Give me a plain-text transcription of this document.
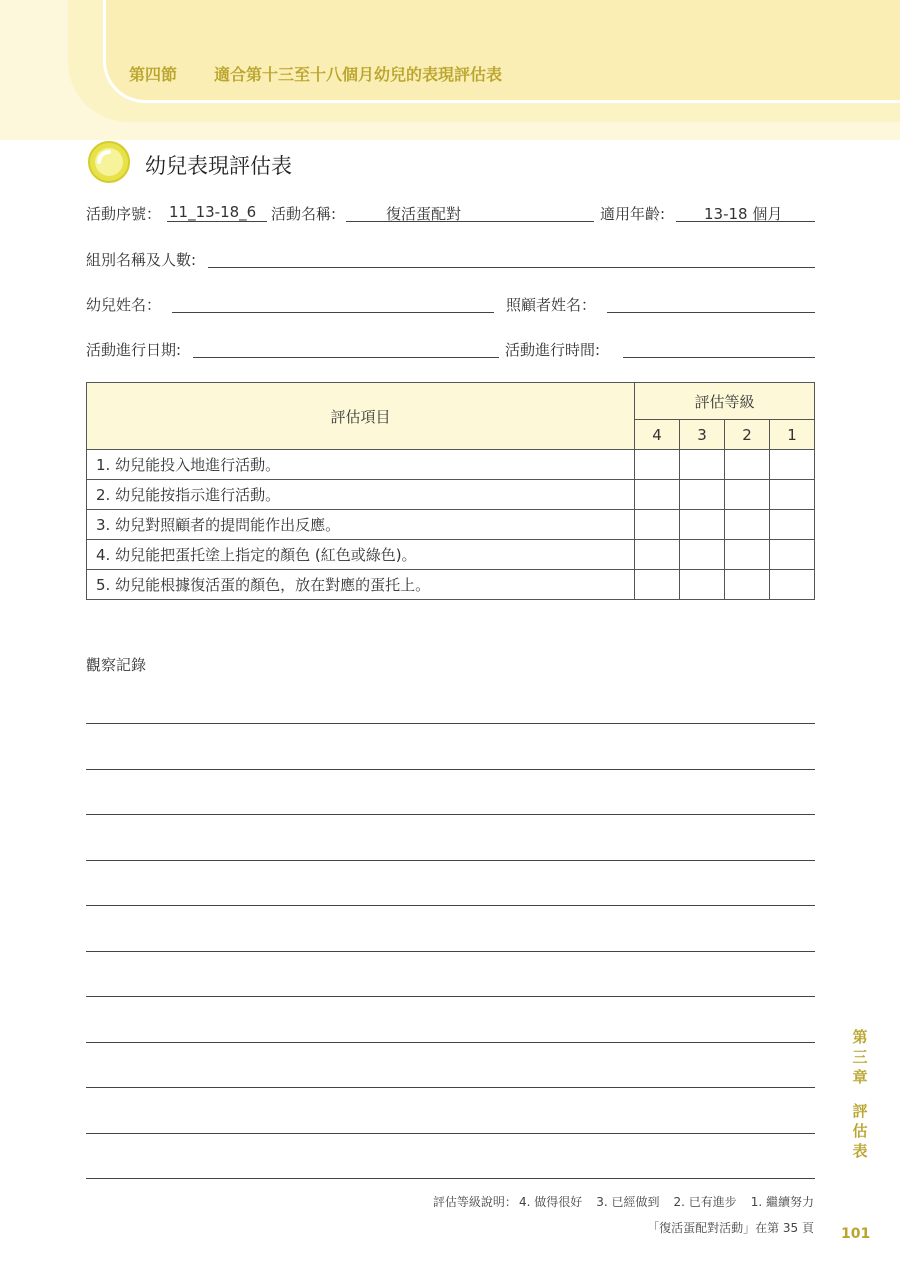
第四節 適合第十三至十八個月幼兒的表現評估表
幼兒表現評估表
活動序號： 11_13-18_6 活動名稱:	復活蛋配對	適用年齡:	13-18 個月
組別名稱及人數:
幼兒姓名：	照顧者姓名：
活動進行日期:	活動進行時間:
評估項目	評估等級			
	4	3	2	1
1. 幼兒能投入地進行活動。				
2. 幼兒能按指示進行活動。				
3. 幼兒對照顧者的提問能作出反應。				
4. 幼兒能把蛋托塗上指定的顏色 (紅色或綠色)。				
5. 幼兒能根據復活蛋的顏色，放在對應的蛋托上。				
觀察記錄
第
三
章
評
估
表
評估等級說明： 4. 做得很好 3. 已經做到 2. 已有進步 1. 繼續努力
「復活蛋配對活動」在第 35 頁 101
